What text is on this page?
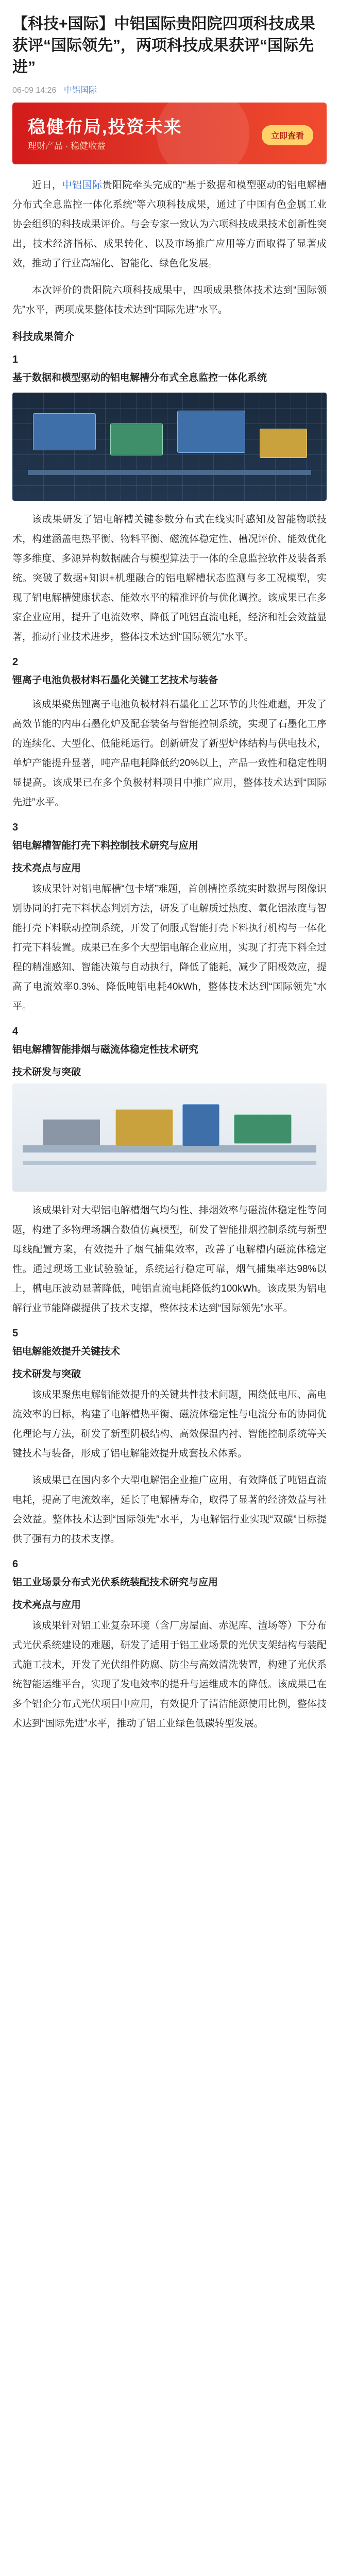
【科技+国际】中铝国际贵阳院四项科技成果获评“国际领先”，两项科技成果获评“国际先进”
06-09 14:26 中铝国际
稳健布局,投资未来
理财产品 · 稳健收益
立即查看

近日，中铝国际贵阳院牵头完成的“基于数据和模型驱动的铝电解槽分布式全息监控一体化系统”等六项科技成果，通过了中国有色金属工业协会组织的科技成果评价。与会专家一致认为六项科技成果技术创新性突出，技术经济指标、成果转化、以及市场推广应用等方面取得了显著成效，推动了行业高端化、智能化、绿色化发展。

本次评价的贵阳院六项科技成果中，四项成果整体技术达到“国际领先”水平，两项成果整体技术达到“国际先进”水平。

科技成果简介
1
基于数据和模型驱动的铝电解槽分布式全息监控一体化系统

该成果研发了铝电解槽关键参数分布式在线实时感知及智能物联技术，构建涵盖电热平衡、物料平衡、磁流体稳定性、槽况评价、能效优化等多维度、多源异构数据融合与模型算法于一体的全息监控软件及装备系统。突破了数据+知识+机理融合的铝电解槽状态监测与多工况模型，实现了铝电解槽健康状态、能效水平的精准评价与优化调控。该成果已在多家企业应用，提升了电流效率、降低了吨铝直流电耗，经济和社会效益显著，推动行业技术进步，整体技术达到“国际领先”水平。

2
锂离子电池负极材料石墨化关键工艺技术与装备

该成果聚焦锂离子电池负极材料石墨化工艺环节的共性难题，开发了高效节能的内串石墨化炉及配套装备与智能控制系统，实现了石墨化工序的连续化、大型化、低能耗运行。创新研发了新型炉体结构与供电技术，单炉产能提升显著，吨产品电耗降低约20%以上，产品一致性和稳定性明显提高。该成果已在多个负极材料项目中推广应用，整体技术达到“国际先进”水平。

3
铝电解槽智能打壳下料控制技术研究与应用
技术亮点与应用

该成果针对铝电解槽“包卡堵”难题，首创槽控系统实时数据与图像识别协同的打壳下料状态判别方法，研发了电解质过热度、氧化铝浓度与智能打壳下料联动控制系统，开发了伺服式智能打壳下料执行机构与一体化打壳下料装置。成果已在多个大型铝电解企业应用，实现了打壳下料全过程的精准感知、智能决策与自动执行，降低了能耗，减少了阳极效应，提高了电流效率0.3%、降低吨铝电耗40kWh，整体技术达到“国际领先”水平。

4
铝电解槽智能排烟与磁流体稳定性技术研究
技术研发与突破

该成果针对大型铝电解槽烟气均匀性、排烟效率与磁流体稳定性等问题，构建了多物理场耦合数值仿真模型，研发了智能排烟控制系统与新型母线配置方案，有效提升了烟气捕集效率，改善了电解槽内磁流体稳定性。通过现场工业试验验证，系统运行稳定可靠，烟气捕集率达98%以上，槽电压波动显著降低，吨铝直流电耗降低约100kWh。该成果为铝电解行业节能降碳提供了技术支撑，整体技术达到“国际领先”水平。

5
铝电解能效提升关键技术
技术研发与突破

该成果聚焦电解铝能效提升的关键共性技术问题，围绕低电压、高电流效率的目标，构建了电解槽热平衡、磁流体稳定性与电流分布的协同优化理论与方法，研发了新型阴极结构、高效保温内衬、智能控制系统等关键技术与装备，形成了铝电解能效提升成套技术体系。

该成果已在国内多个大型电解铝企业推广应用，有效降低了吨铝直流电耗，提高了电流效率，延长了电解槽寿命，取得了显著的经济效益与社会效益。整体技术达到“国际领先”水平，为电解铝行业实现“双碳”目标提供了强有力的技术支撑。

6
铝工业场景分布式光伏系统装配技术研究与应用
技术亮点与应用

该成果针对铝工业复杂环境（含厂房屋面、赤泥库、渣场等）下分布式光伏系统建设的难题，研发了适用于铝工业场景的光伏支架结构与装配式施工技术，开发了光伏组件防腐、防尘与高效清洗装置，构建了光伏系统智能运维平台，实现了发电效率的提升与运维成本的降低。该成果已在多个铝企分布式光伏项目中应用，有效提升了清洁能源使用比例，整体技术达到“国际先进”水平，推动了铝工业绿色低碳转型发展。
